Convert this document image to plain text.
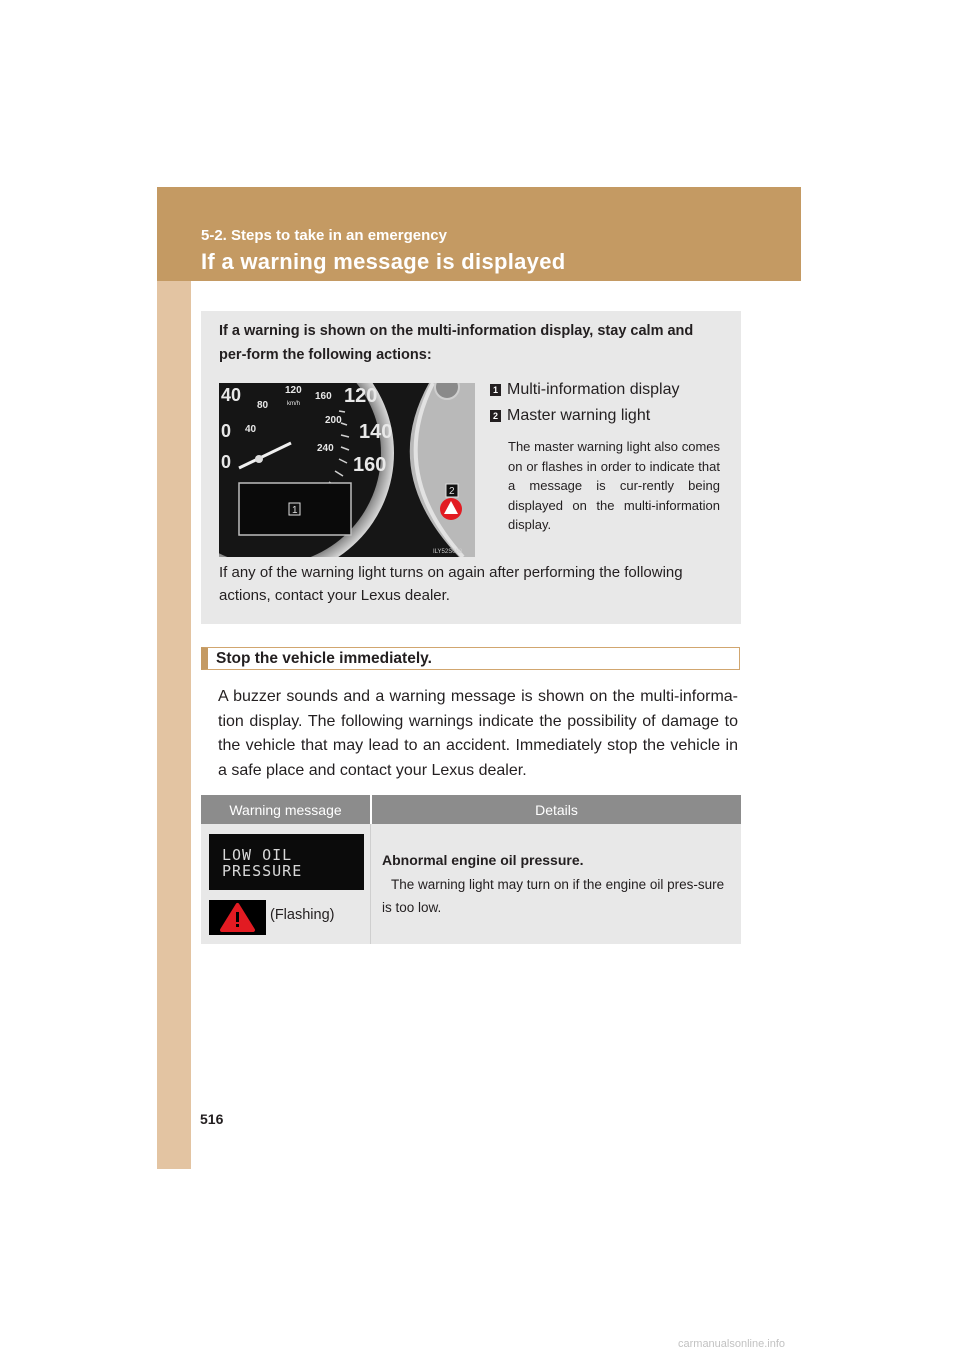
5-2. Steps to take in an emergency
If a warning message is displayed
If a warning is shown on the multi-information display, stay calm and per-form the following actions:
40
80
120
160 120
140
160
200
240
0
0
40
km/h
1
2
ILY52S088
1 Multi-information display
2 Master warning light
The master warning light also comes on or flashes in order to indicate that a message is cur-rently being displayed on the multi-information display.
If any of the warning light turns on again after performing the following actions, contact your Lexus dealer.
Stop the vehicle immediately.
A buzzer sounds and a warning message is shown on the multi-informa-tion display. The following warnings indicate the possibility of damage to the vehicle that may lead to an accident. Immediately stop the vehicle in a safe place and contact your Lexus dealer.
Warning message	Details
LOW OIL
PRESSURE
(Flashing)
Abnormal engine oil pressure.
The warning light may turn on if the engine oil pres-sure is too low.
516
carmanualsonline.info
